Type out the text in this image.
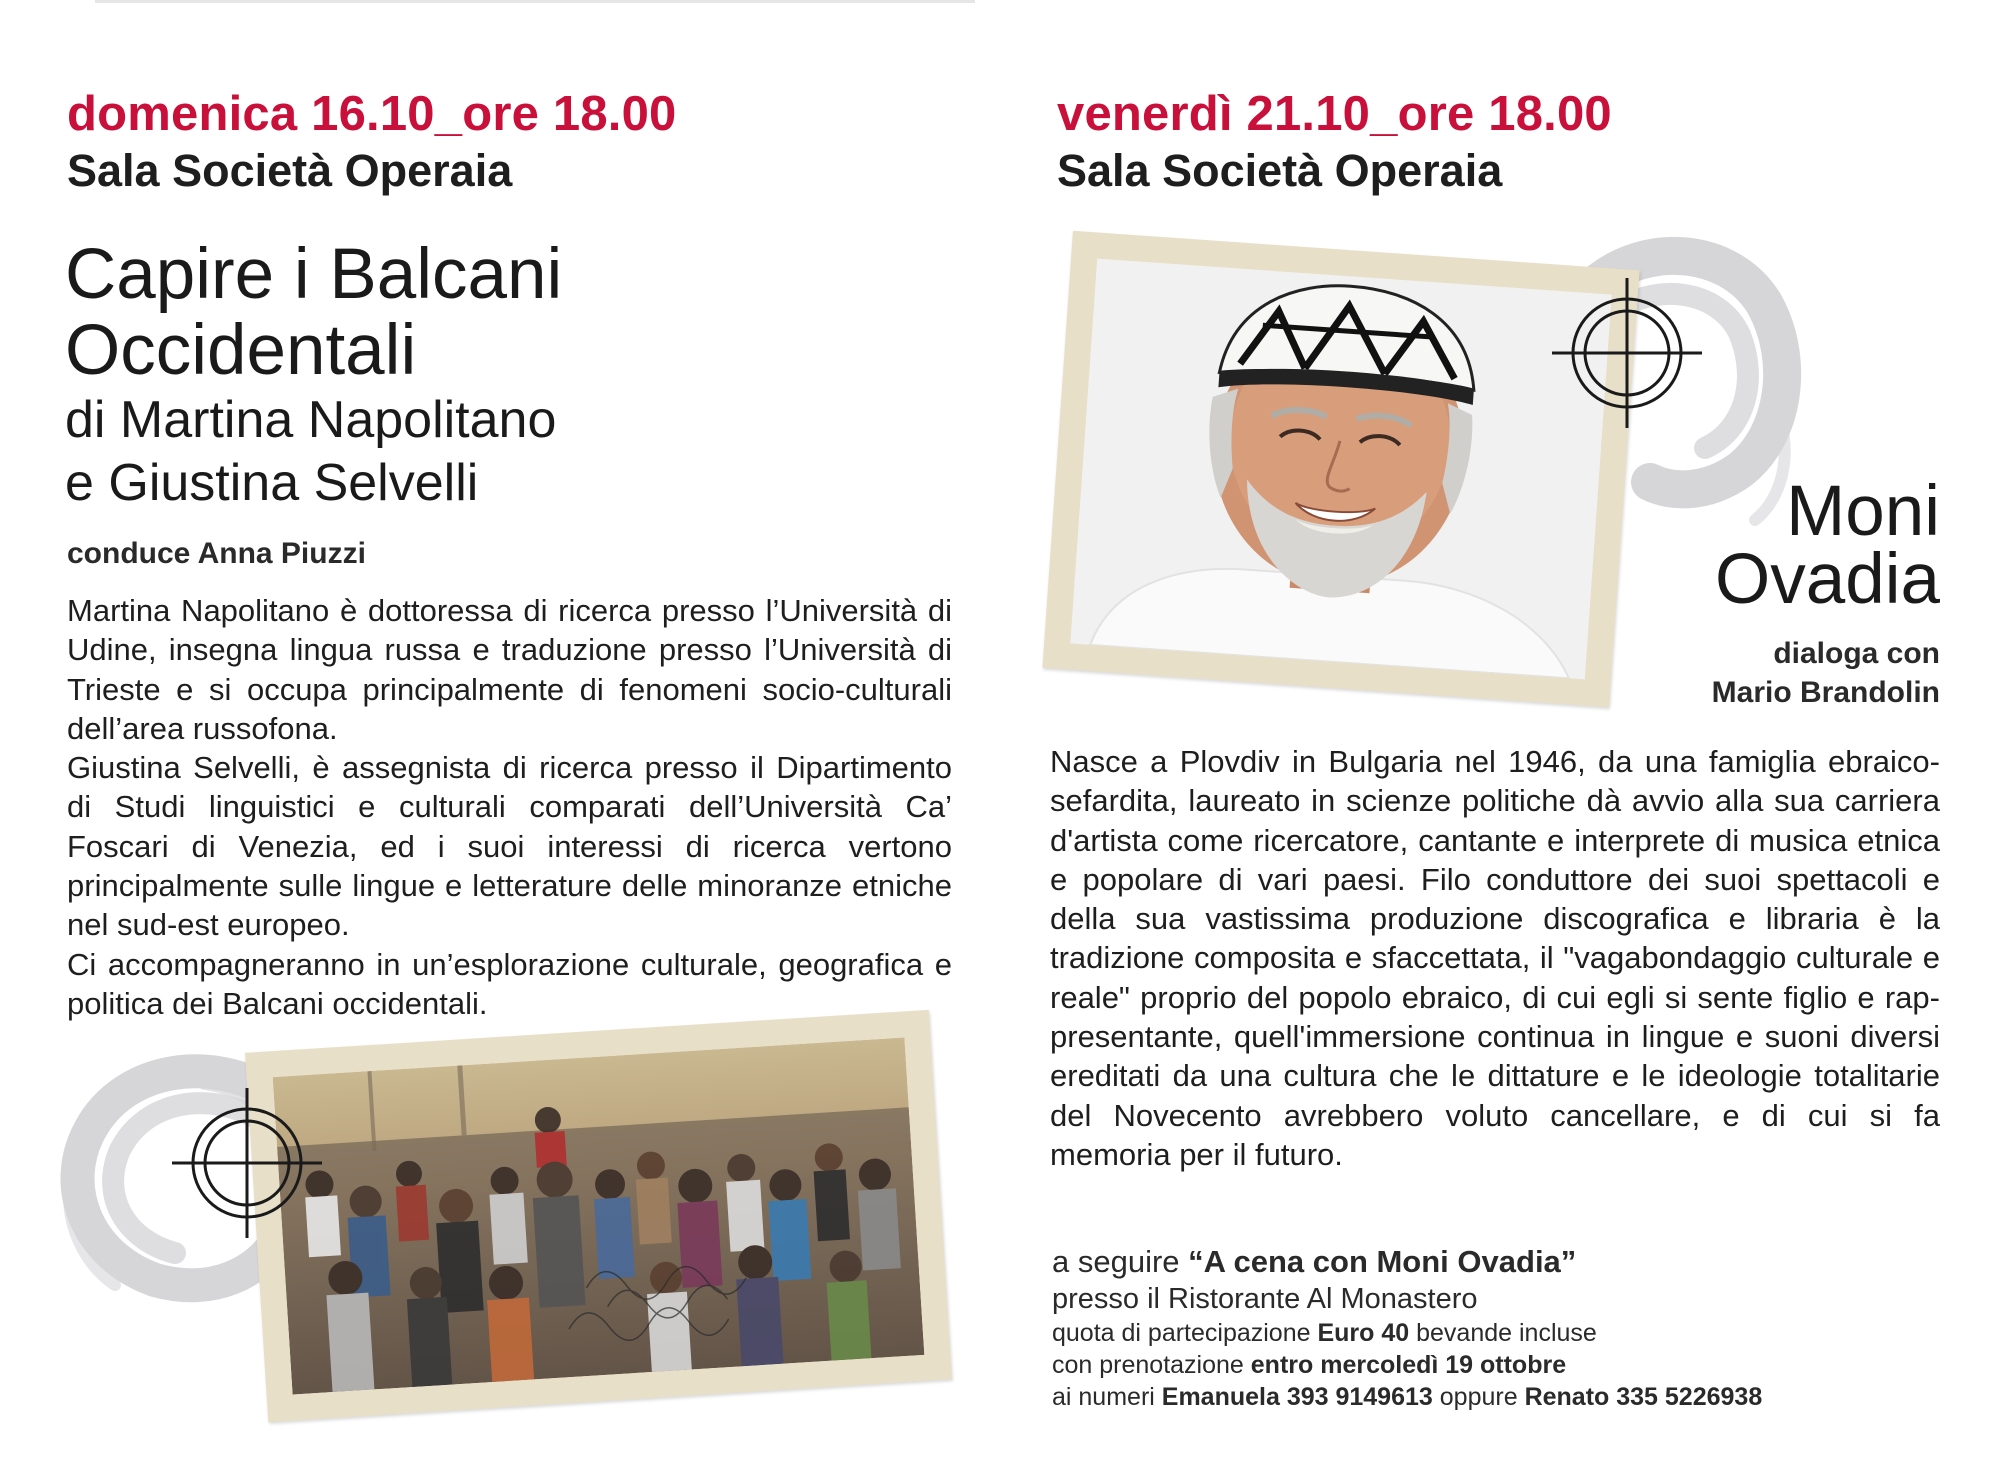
domenica 16.10_ore 18.00
Sala Società Operaia
Capire i Balcani
Occidentali
di Martina Napolitano
e Giustina Selvelli
conduce Anna Piuzzi

Martina Napolitano è dottoressa di ricerca presso l’Università di Udine, insegna lingua russa e traduzione presso l’Università di Trieste e si occupa principalmente di fenomeni socio-culturali dell’area russofona.

Giustina Selvelli, è assegnista di ricerca presso il Dipartimento di Studi linguistici e culturali comparati dell’Università Ca’ Foscari di Venezia, ed i suoi interessi di ricerca vertono principalmente sulle lingue e letterature delle minoranze etniche nel sud-est europeo.

Ci accompagneranno in un’esplorazione culturale, geografica e politica dei Balcani occidentali.

venerdì 21.10_ore 18.00
Sala Società Operaia
Moni
Ovadia
dialoga con
Mario Brandolin

Nasce a Plovdiv in Bulgaria nel 1946, da una famiglia ebraico-sefardita, laureato in scienze politiche dà avvio alla sua carriera d'artista come ricercatore, cantante e interprete di musica etnica e popolare di vari paesi. Filo conduttore dei suoi spettacoli e della sua vastissima produzione discografica e libraria è la tradizione composita e sfaccettata, il "vagabondaggio culturale e reale" proprio del popolo ebraico, di cui egli si sente figlio e rappresentante, quell'immersione continua in lingue e suoni diversi ereditati da una cultura che le dittature e le ideologie totalitarie del Novecento avrebbero voluto cancellare, e di cui si fa memoria per il futuro.

a seguire “A cena con Moni Ovadia”
presso il Ristorante Al Monastero
quota di partecipazione Euro 40 bevande incluse
con prenotazione entro mercoledì 19 ottobre
ai numeri Emanuela 393 9149613 oppure Renato 335 5226938
